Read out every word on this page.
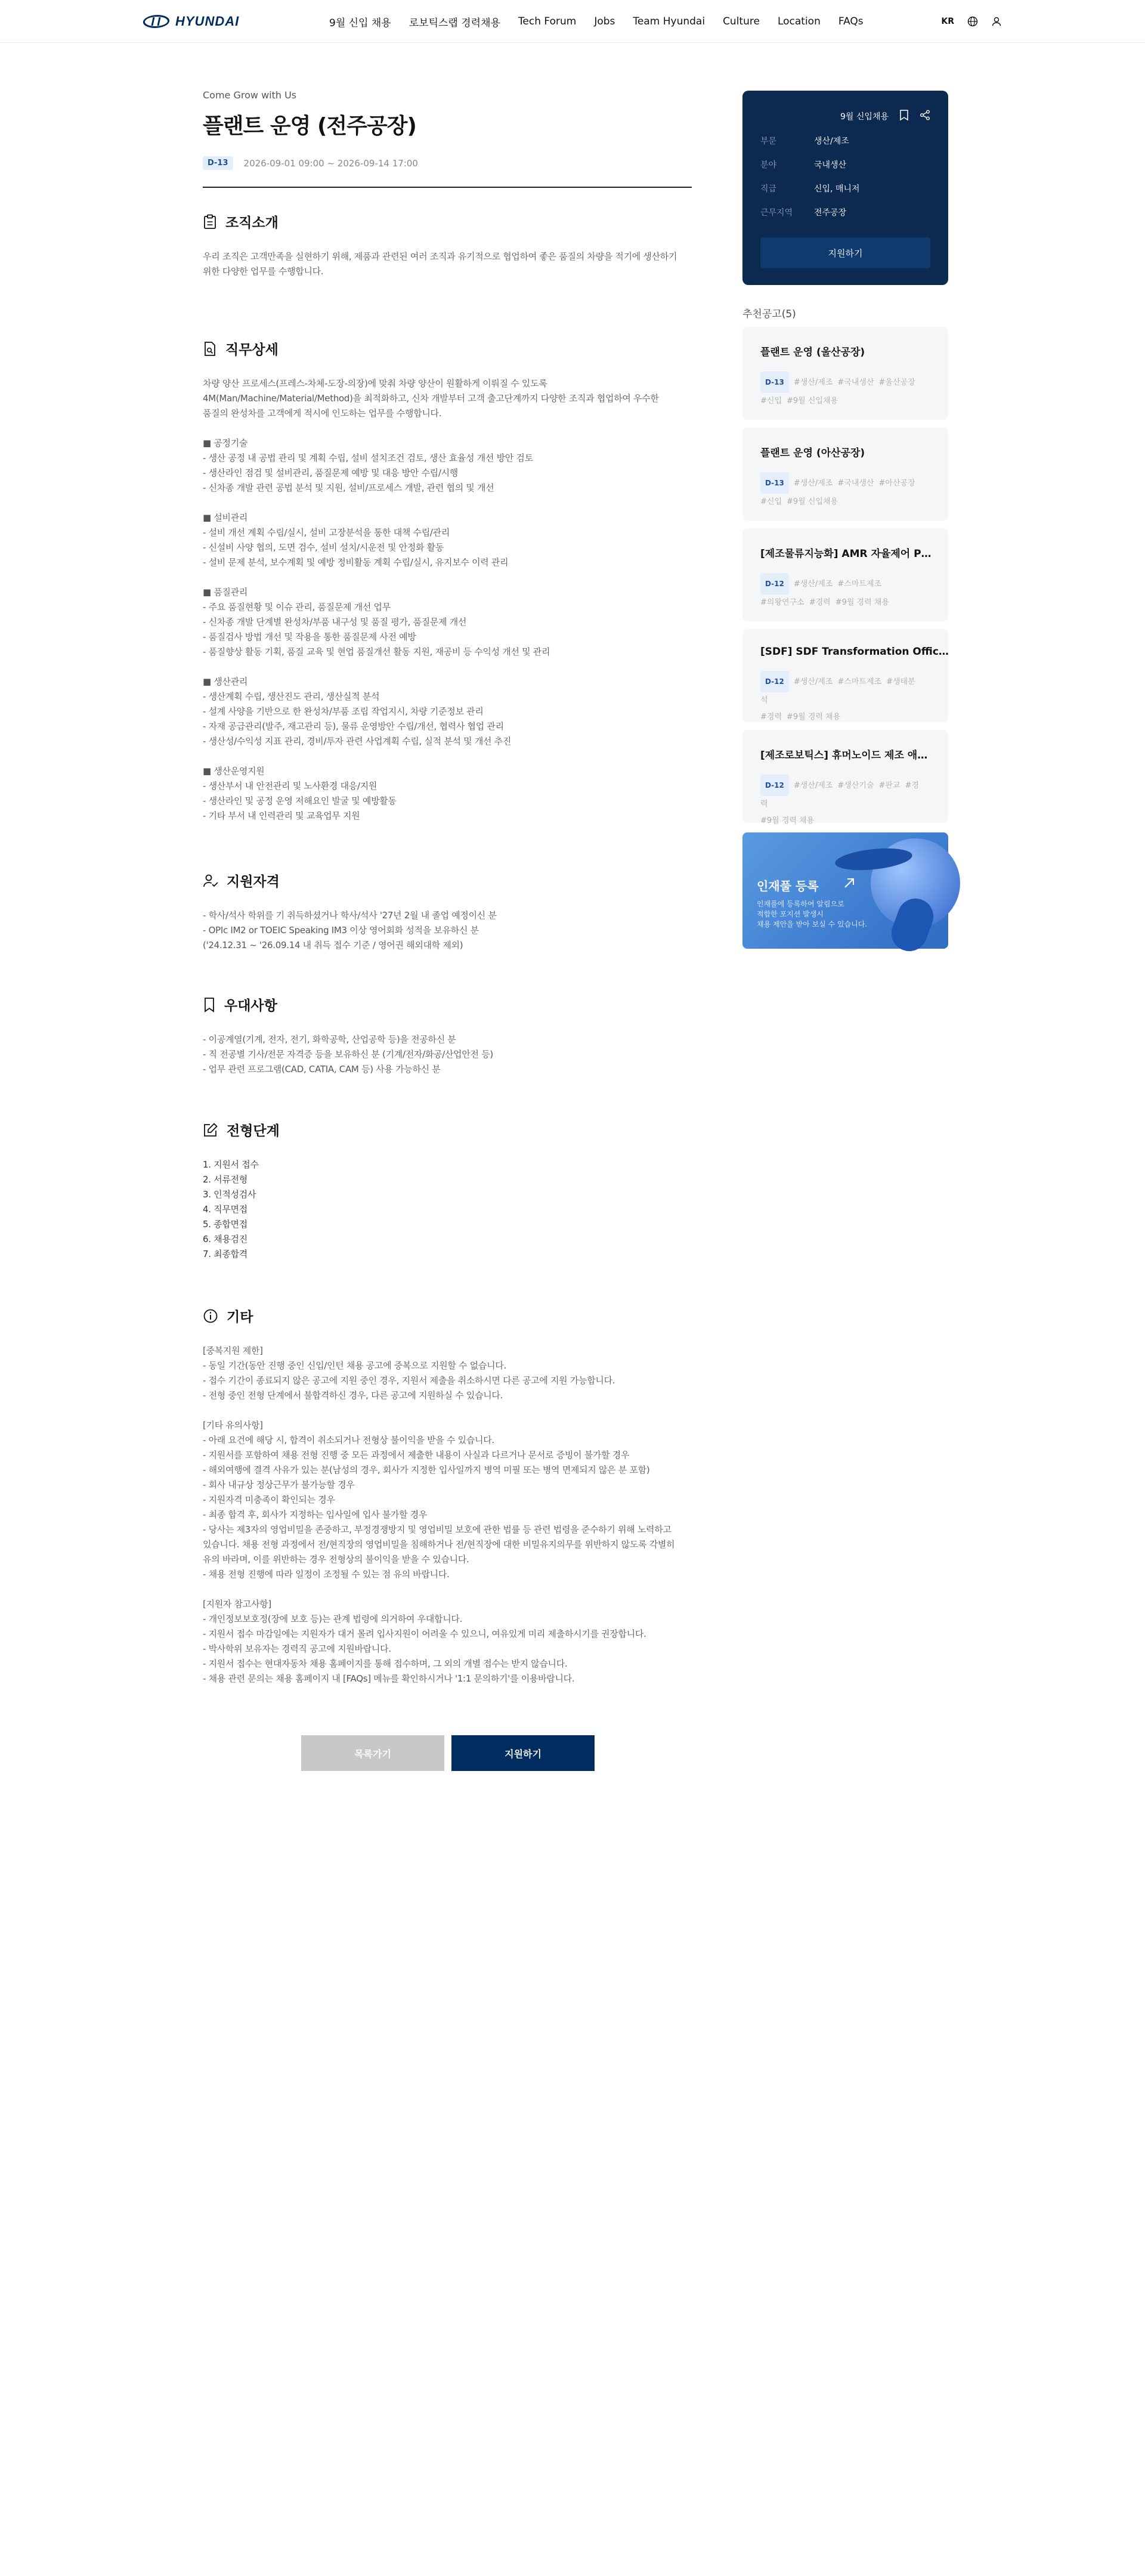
HYUNDAI	9월 신입 채용 로보틱스랩 경력채용 Tech Forum Jobs Team Hyundai Culture Location FAQs	KR
Come Grow with Us
플랜트 운영 (전주공장)
D-13	2026-09-01 09:00 ~ 2026-09-14 17:00
조직소개

우리 조직은 고객만족을 실현하기 위해, 제품과 관련된 여러 조직과 유기적으로 협업하여 좋은 품질의 차량을 적기에 생산하기
위한 다양한 업무를 수행합니다.

직무상세

차량 양산 프로세스(프레스-차체-도장-의장)에 맞춰 차량 양산이 원활하게 이뤄질 수 있도록
4M(Man/Machine/Material/Method)을 최적화하고, 신차 개발부터 고객 출고단계까지 다양한 조직과 협업하여 우수한
품질의 완성차를 고객에게 적시에 인도하는 업무를 수행합니다.

■ 공정기술
- 생산 공정 내 공법 관리 및 계획 수립, 설비 설치조건 검토, 생산 효율성 개선 방안 검토
- 생산라인 점검 및 설비관리, 품질문제 예방 및 대응 방안 수립/시행
- 신차종 개발 관련 공법 분석 및 지원, 설비/프로세스 개발, 관련 협의 및 개선

■ 설비관리
- 설비 개선 계획 수립/실시, 설비 고장분석을 통한 대책 수립/관리
- 신설비 사양 협의, 도면 검수, 설비 설치/시운전 및 안정화 활동
- 설비 문제 분석, 보수계획 및 예방 정비활동 계획 수립/실시, 유지보수 이력 관리

■ 품질관리
- 주요 품질현황 및 이슈 관리, 품질문제 개선 업무
- 신차종 개발 단계별 완성차/부품 내구성 및 품질 평가, 품질문제 개선
- 품질검사 방법 개선 및 작용을 통한 품질문제 사전 예방
- 품질향상 활동 기획, 품질 교육 및 현업 품질개선 활동 지원, 재공비 등 수익성 개선 및 관리

■ 생산관리
- 생산계획 수립, 생산진도 관리, 생산실적 분석
- 설계 사양을 기반으로 한 완성차/부품 조립 작업지시, 차량 기준정보 관리
- 자재 공급관리(발주, 재고관리 등), 물류 운영방안 수립/개선, 협력사 협업 관리
- 생산성/수익성 지표 관리, 경비/투자 관련 사업계획 수립, 실적 분석 및 개선 추진

■ 생산운영지원
- 생산부서 내 안전관리 및 노사환경 대응/지원
- 생산라인 및 공정 운영 저해요인 발굴 및 예방활동
- 기타 부서 내 인력관리 및 교육업무 지원

지원자격

- 학사/석사 학위를 기 취득하셨거나 학사/석사 '27년 2월 내 졸업 예정이신 분
- OPIc IM2 or TOEIC Speaking IM3 이상 영어회화 성적을 보유하신 분
('24.12.31 ~ '26.09.14 내 취득 접수 기준 / 영어권 해외대학 제외)

우대사항

- 이공계열(기계, 전자, 전기, 화학공학, 산업공학 등)을 전공하신 분
- 직 전공별 기사/전문 자격증 등을 보유하신 분 (기계/전자/화공/산업안전 등)
- 업무 관련 프로그램(CAD, CATIA, CAM 등) 사용 가능하신 분

전형단계

1. 지원서 접수
2. 서류전형
3. 인적성검사
4. 직무면접
5. 종합면접
6. 채용검진
7. 최종합격

기타

[중복지원 제한]
- 동일 기간(동안 진행 중인 신입/인턴 채용 공고에 중복으로 지원할 수 없습니다.
- 접수 기간이 종료되지 않은 공고에 지원 중인 경우, 지원서 제출을 취소하시면 다른 공고에 지원 가능합니다.
- 전형 중인 전형 단계에서 불합격하신 경우, 다른 공고에 지원하실 수 있습니다.

[기타 유의사항]
- 아래 요건에 해당 시, 합격이 취소되거나 전형상 불이익을 받을 수 있습니다.
- 지원서를 포함하여 채용 전형 진행 중 모든 과정에서 제출한 내용이 사실과 다르거나 문서로 증빙이 불가할 경우
- 해외여행에 결격 사유가 있는 분(남성의 경우, 회사가 지정한 입사일까지 병역 미필 또는 병역 면제되지 않은 분 포함)
- 회사 내규상 정상근무가 불가능할 경우
- 지원자격 미충족이 확인되는 경우
- 최종 합격 후, 회사가 지정하는 입사일에 입사 불가할 경우
- 당사는 제3자의 영업비밀을 존중하고, 부정경쟁방지 및 영업비밀 보호에 관한 법률 등 관련 법령을 준수하기 위해 노력하고
있습니다. 채용 전형 과정에서 전/현직장의 영업비밀을 침해하거나 전/현직장에 대한 비밀유지의무를 위반하지 않도록 각별히
유의 바라며, 이를 위반하는 경우 전형상의 불이익을 받을 수 있습니다.
- 채용 전형 진행에 따라 일정이 조정될 수 있는 점 유의 바랍니다.

[지원자 참고사항]
- 개인정보보호정(장에 보호 등)는 관계 법령에 의거하여 우대합니다.
- 지원서 접수 마감일에는 지원자가 대거 몰려 입사지원이 어려울 수 있으니, 여유있게 미리 제출하시기를 권장합니다.
- 박사학위 보유자는 경력직 공고에 지원바랍니다.
- 지원서 접수는 현대자동차 채용 홈페이지를 통해 접수하며, 그 외의 개별 접수는 받지 않습니다.
- 채용 관련 문의는 채용 홈페이지 내 [FAQs] 메뉴를 확인하시거나 '1:1 문의하기'를 이용바랍니다.

목록가기	지원하기
9월 신입채용
부문	생산/제조
분야	국내생산
직급	신입, 매니저
근무지역	전주공장
지원하기
추천공고(5)
플랜트 운영 (울산공장)
D-13 #생산/제조 #국내생산 #울산공장
#신입 #9월 신입채용
플랜트 운영 (아산공장)
D-13 #생산/제조 #국내생산 #아산공장
#신입 #9월 신입채용
[제조물류지능화] AMR 자율제어 P…
D-12 #생산/제조 #스마트제조
#의왕연구소 #경력 #9월 경력 채용
[SDF] SDF Transformation Offic…
D-12 #생산/제조 #스마트제조 #생태분석
#경력 #9월 경력 채용
[제조로보틱스] 휴머노이드 제조 애…
D-12 #생산/제조 #생산기술 #판교 #경력
#9월 경력 채용
인재풀 등록
인재풀에 등록하여 알림으로
적합한 포지션 발생시
채용 제안을 받아 보실 수 있습니다.
